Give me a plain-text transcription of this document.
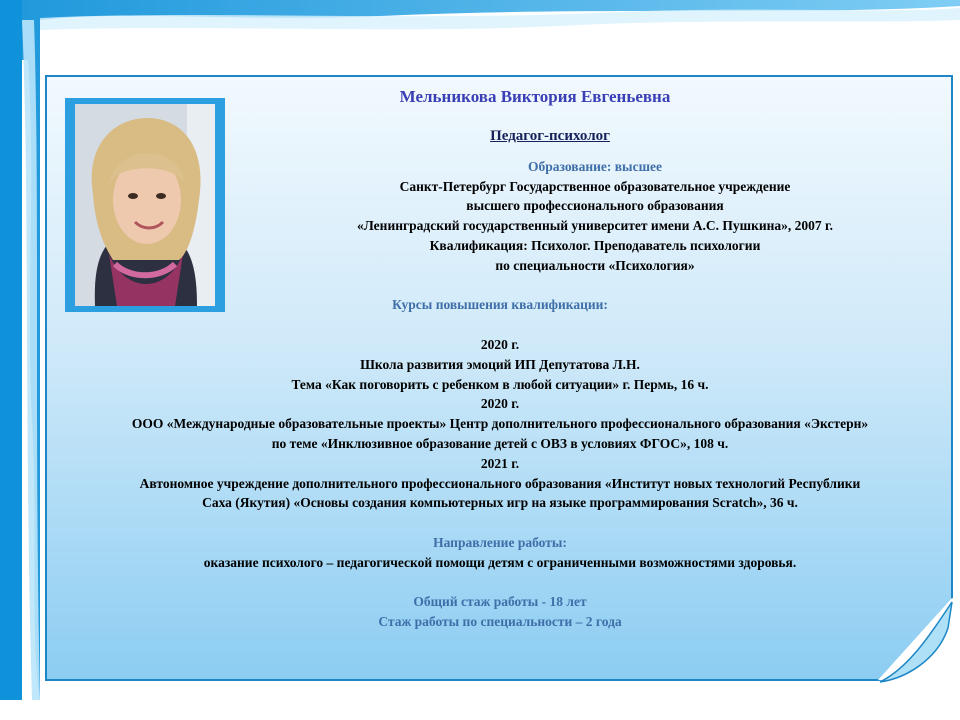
Мельникова Виктория Евгеньевна

Педагог-психолог

Образование: высшее

Санкт-Петербург Государственное образовательное учреждение

высшего профессионального образования

«Ленинградский государственный университет имени А.С. Пушкина», 2007 г.

Квалификация: Психолог. Преподаватель психологии

по специальности «Психология»

Курсы повышения квалификации:

2020 г.

Школа развития эмоций ИП Депутатова Л.Н.

Тема «Как поговорить с ребенком в любой ситуации» г. Пермь, 16 ч.

2020 г.

ООО «Международные образовательные проекты» Центр дополнительного профессионального образования «Экстерн»

по теме «Инклюзивное образование детей с ОВЗ в условиях ФГОС», 108 ч.

2021 г.

Автономное учреждение дополнительного профессионального образования «Институт новых технологий Республики

Саха (Якутия) «Основы создания компьютерных игр на языке программирования Scratch», 36 ч.

Направление работы:

оказание психолого – педагогической помощи детям с ограниченными возможностями здоровья.

Общий стаж работы - 18 лет

Стаж работы по специальности – 2 года
